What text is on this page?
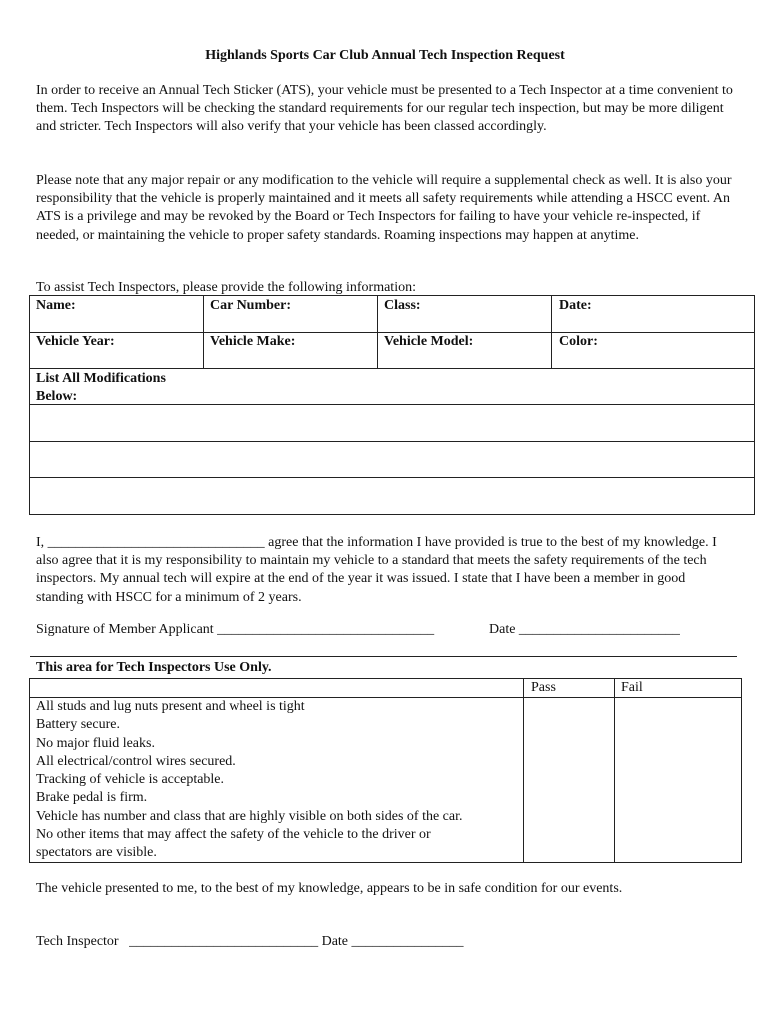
Highlands Sports Car Club Annual Tech Inspection Request

In order to receive an Annual Tech Sticker (ATS), your vehicle must be presented to a Tech Inspector at a time convenient to them. Tech Inspectors will be checking the standard requirements for our regular tech inspection, but may be more diligent and stricter. Tech Inspectors will also verify that your vehicle has been classed accordingly.

Please note that any major repair or any modification to the vehicle will require a supplemental check as well. It is also your responsibility that the vehicle is properly maintained and it meets all safety requirements while attending a HSCC event. An ATS is a privilege and may be revoked by the Board or Tech Inspectors for failing to have your vehicle re-inspected, if needed, or maintaining the vehicle to proper safety standards. Roaming inspections may happen at anytime.

To assist Tech Inspectors, please provide the following information:

Name:	Car Number:	Class:	Date:
Vehicle Year:	Vehicle Make:	Vehicle Model:	Color:
List All Modifications
Below:

I, _______________________________ agree that the information I have provided is true to the best of my knowledge. I also agree that it is my responsibility to maintain my vehicle to a standard that meets the safety requirements of the tech inspectors. My annual tech will expire at the end of the year it was issued. I state that I have been a member in good standing with HSCC for a minimum of 2 years.

Signature of Member Applicant _______________________________	Date _______________________
This area for Tech Inspectors Use Only.
Pass	Fail
All studs and lug nuts present and wheel is tight
Battery secure.
No major fluid leaks.
All electrical/control wires secured.
Tracking of vehicle is acceptable.
Brake pedal is firm.
Vehicle has number and class that are highly visible on both sides of the car.
No other items that may affect the safety of the vehicle to the driver or
spectators are visible.
The vehicle presented to me, to the best of my knowledge, appears to be in safe condition for our events.
Tech Inspector   ___________________________ Date ________________
